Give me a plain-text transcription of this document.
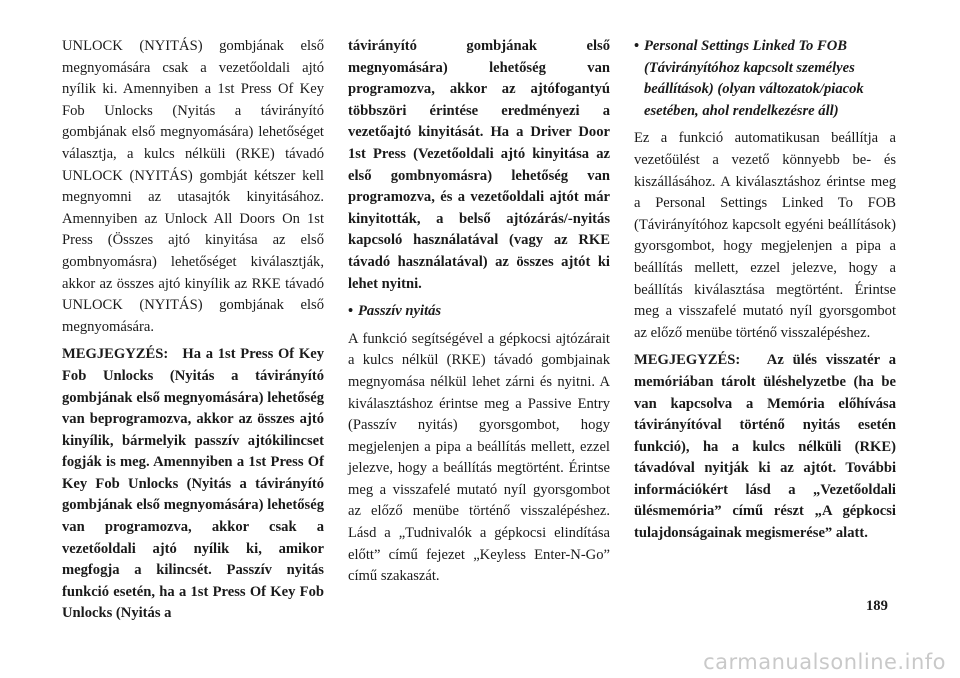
UNLOCK (NYITÁS) gombjának első megnyomására csak a vezetőoldali ajtó nyílik ki. Amennyiben a 1st Press Of Key Fob Unlocks (Nyitás a távirányító gombjának első megnyomására) lehetőséget választja, a kulcs nélküli (RKE) távadó UNLOCK (NYITÁS) gombját kétszer kell megnyomni az utasajtók kinyitásához. Amennyiben az Unlock All Doors On 1st Press (Összes ajtó kinyitása az első gombnyomásra) lehetőséget kiválasztják, akkor az összes ajtó kinyílik az RKE távadó UNLOCK (NYITÁS) gombjának első megnyomására.

MEGJEGYZÉS: Ha a 1st Press Of Key Fob Unlocks (Nyitás a távirányító gombjának első megnyomására) lehetőség van beprogramozva, akkor az összes ajtó kinyílik, bármelyik passzív ajtókilincset fogják is meg. Amennyiben a 1st Press Of Key Fob Unlocks (Nyitás a távirányító gombjának első megnyomására) lehetőség van programozva, akkor csak a vezetőoldali ajtó nyílik ki, amikor megfogja a kilincsét. Passzív nyitás funkció esetén, ha a 1st Press Of Key Fob Unlocks (Nyitás a

távirányító gombjának első megnyomására) lehetőség van programozva, akkor az ajtófogantyú többszöri érintése eredményezi a vezetőajtó kinyitását. Ha a Driver Door 1st Press (Vezetőoldali ajtó kinyitása az első gombnyomásra) lehetőség van programozva, és a vezetőoldali ajtót már kinyitották, a belső ajtózárás/-nyitás kapcsoló használatával (vagy az RKE távadó használatával) az összes ajtót ki lehet nyitni.

• Passzív nyitás

A funkció segítségével a gépkocsi ajtózárait a kulcs nélkül (RKE) távadó gombjainak megnyomása nélkül lehet zárni és nyitni. A kiválasztáshoz érintse meg a Passive Entry (Passzív nyitás) gyorsgombot, hogy megjelenjen a pipa a beállítás mellett, ezzel jelezve, hogy a beállítás megtörtént. Érintse meg a visszafelé mutató nyíl gyorsgombot az előző menübe történő visszalépéshez. Lásd a „Tudnivalók a gépkocsi elindítása előtt” című fejezet „Keyless Enter-N-Go” című szakaszát.

• Personal Settings Linked To FOB (Távirányítóhoz kapcsolt személyes beállítások) (olyan változatok/piacok esetében, ahol rendelkezésre áll)

Ez a funkció automatikusan beállítja a vezetőülést a vezető könnyebb be- és kiszállásához. A kiválasztáshoz érintse meg a Personal Settings Linked To FOB (Távirányítóhoz kapcsolt egyéni beállítások) gyorsgombot, hogy megjelenjen a pipa a beállítás mellett, ezzel jelezve, hogy a beállítás kiválasztása megtörtént. Érintse meg a visszafelé mutató nyíl gyorsgombot az előző menübe történő visszalépéshez.

MEGJEGYZÉS: Az ülés visszatér a memóriában tárolt üléshelyzetbe (ha be van kapcsolva a Memória előhívása távirányítóval történő nyitás esetén funkció), ha a kulcs nélküli (RKE) távadóval nyitják ki az ajtót. További információkért lásd a „Vezetőoldali ülésmemória” című részt „A gépkocsi tulajdonságainak megismerése” alatt.

189
carmanualsonline.info
